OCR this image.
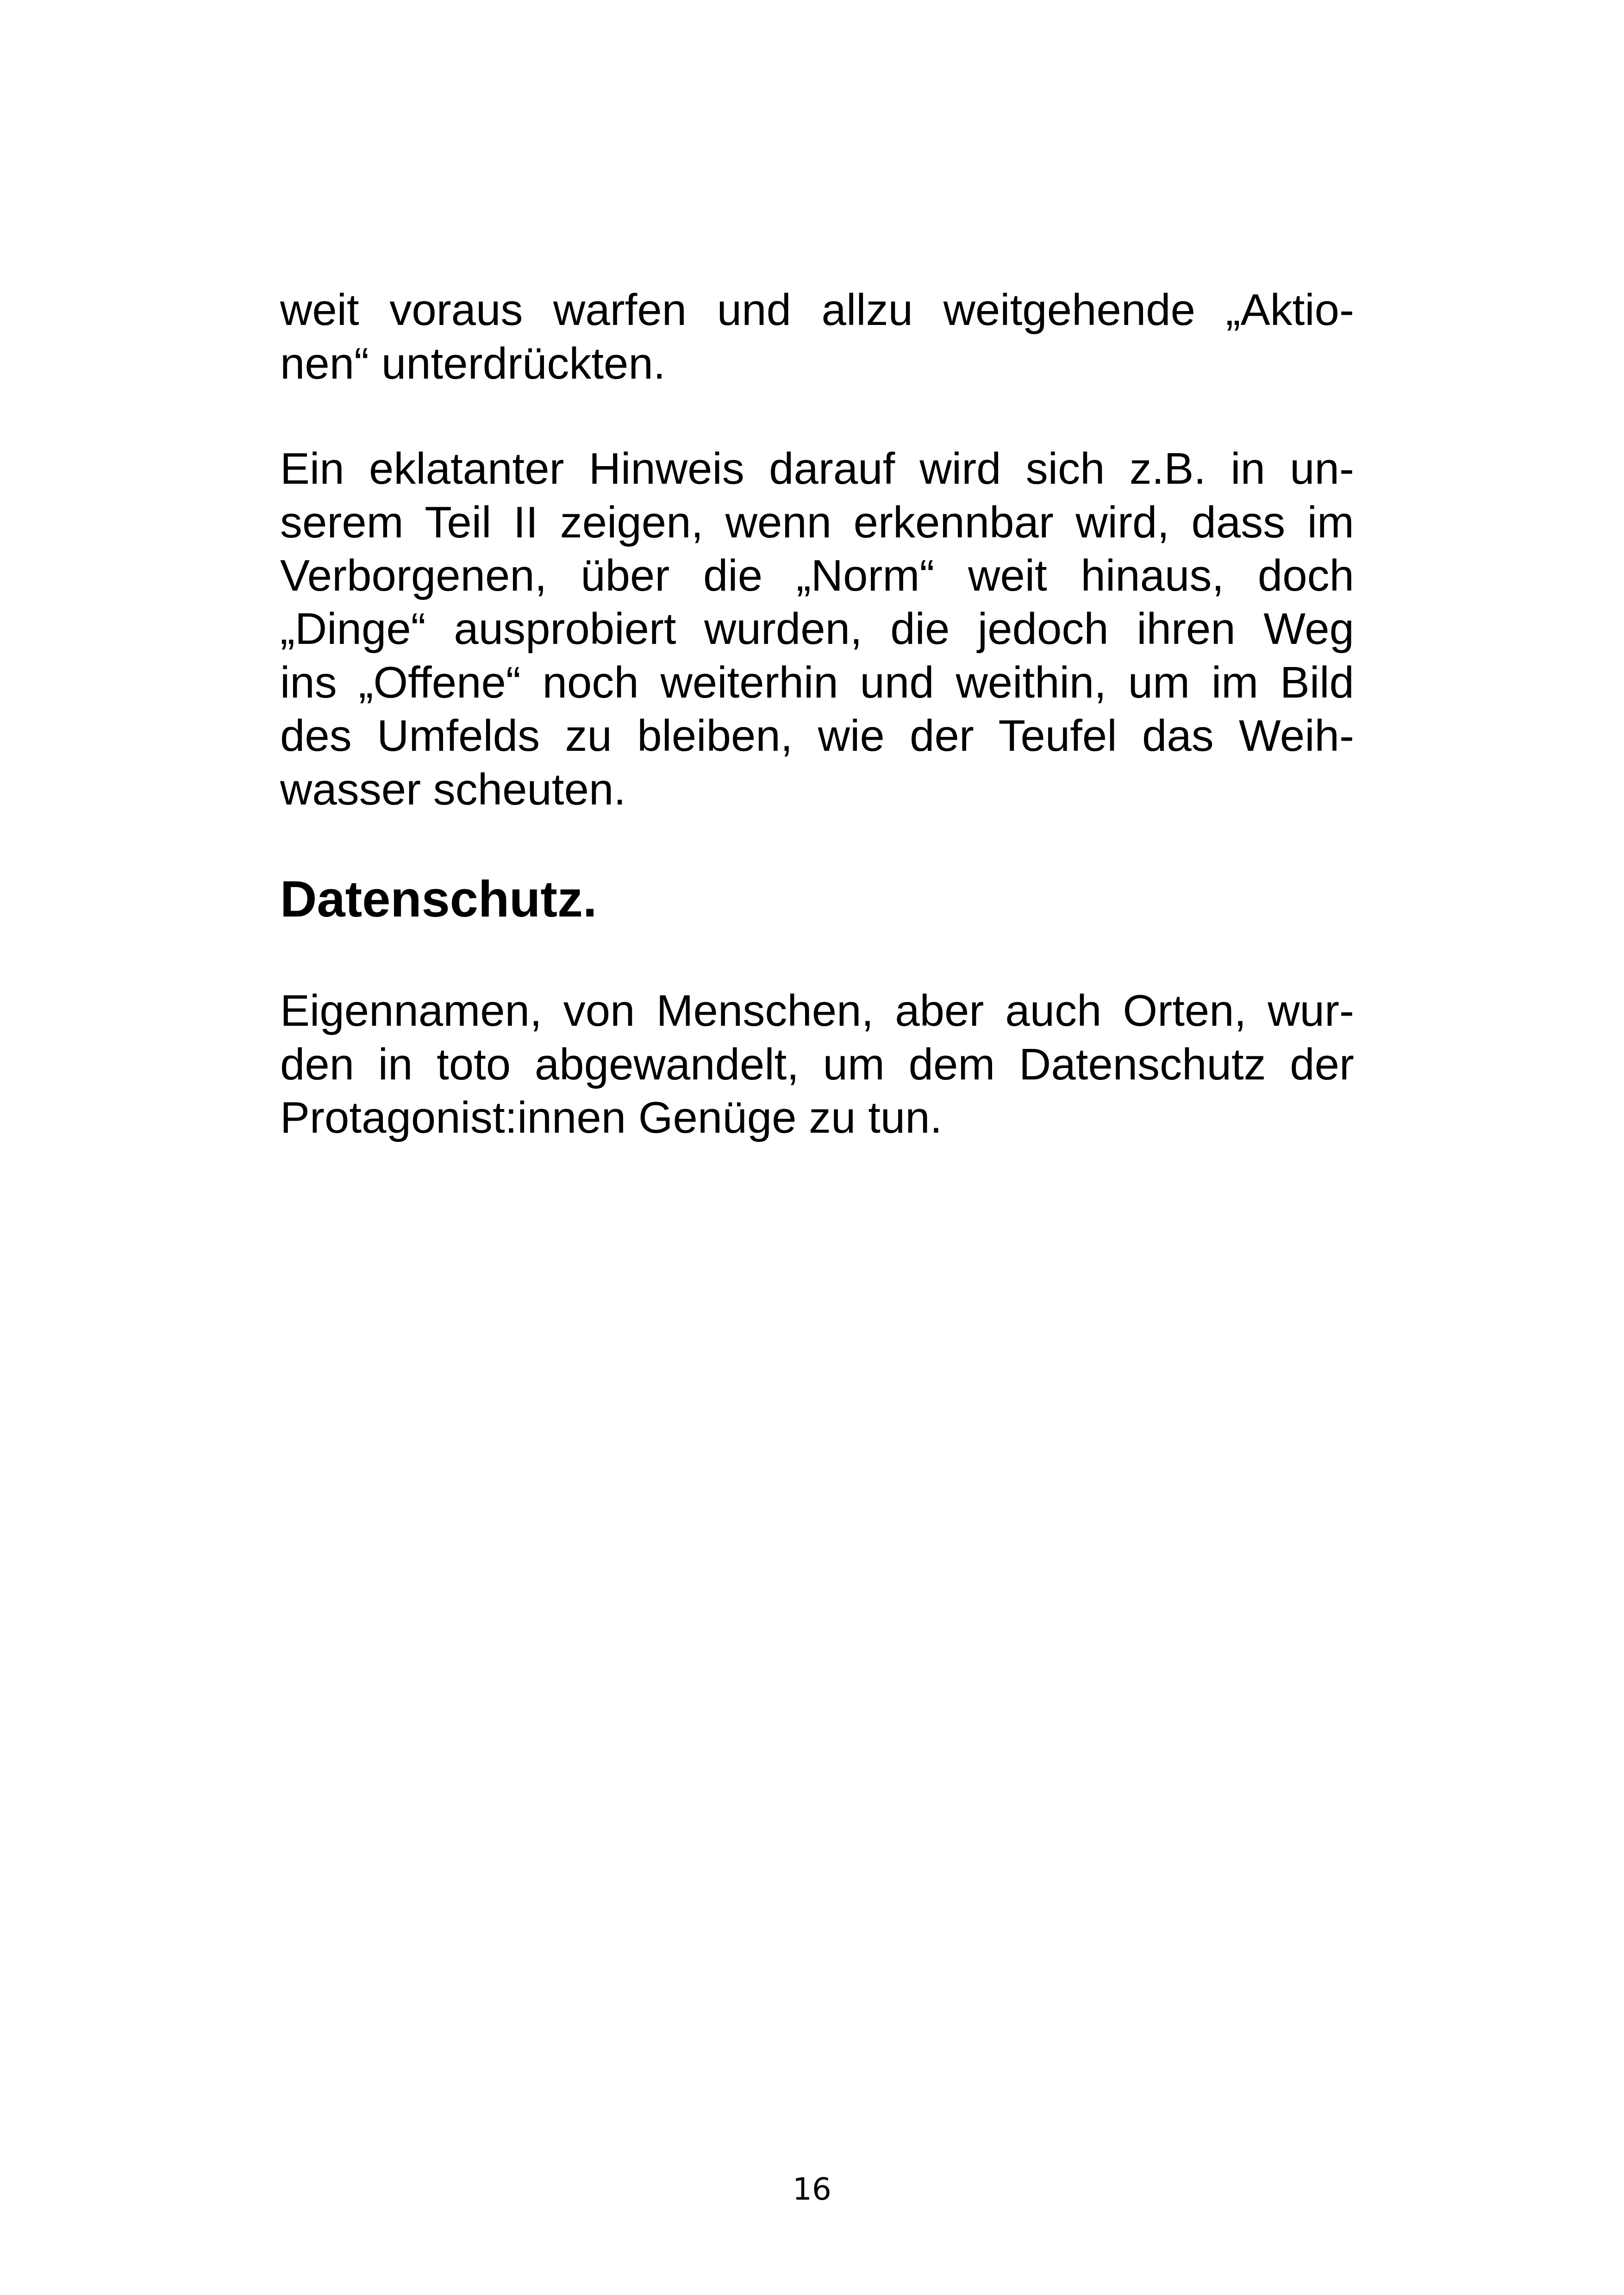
weit voraus warfen und allzu weitgehende „Aktio-
nen“ unterdrückten.
Ein eklatanter Hinweis darauf wird sich z.B. in un-
serem Teil II zeigen, wenn erkennbar wird, dass im
Verborgenen, über die „Norm“ weit hinaus, doch
„Dinge“ ausprobiert wurden, die jedoch ihren Weg
ins „Offene“ noch weiterhin und weithin, um im Bild
des Umfelds zu bleiben, wie der Teufel das Weih-
wasser scheuten.
Datenschutz.
Eigennamen, von Menschen, aber auch Orten, wur-
den in toto abgewandelt, um dem Datenschutz der
Protagonist:innen Genüge zu tun.
16
